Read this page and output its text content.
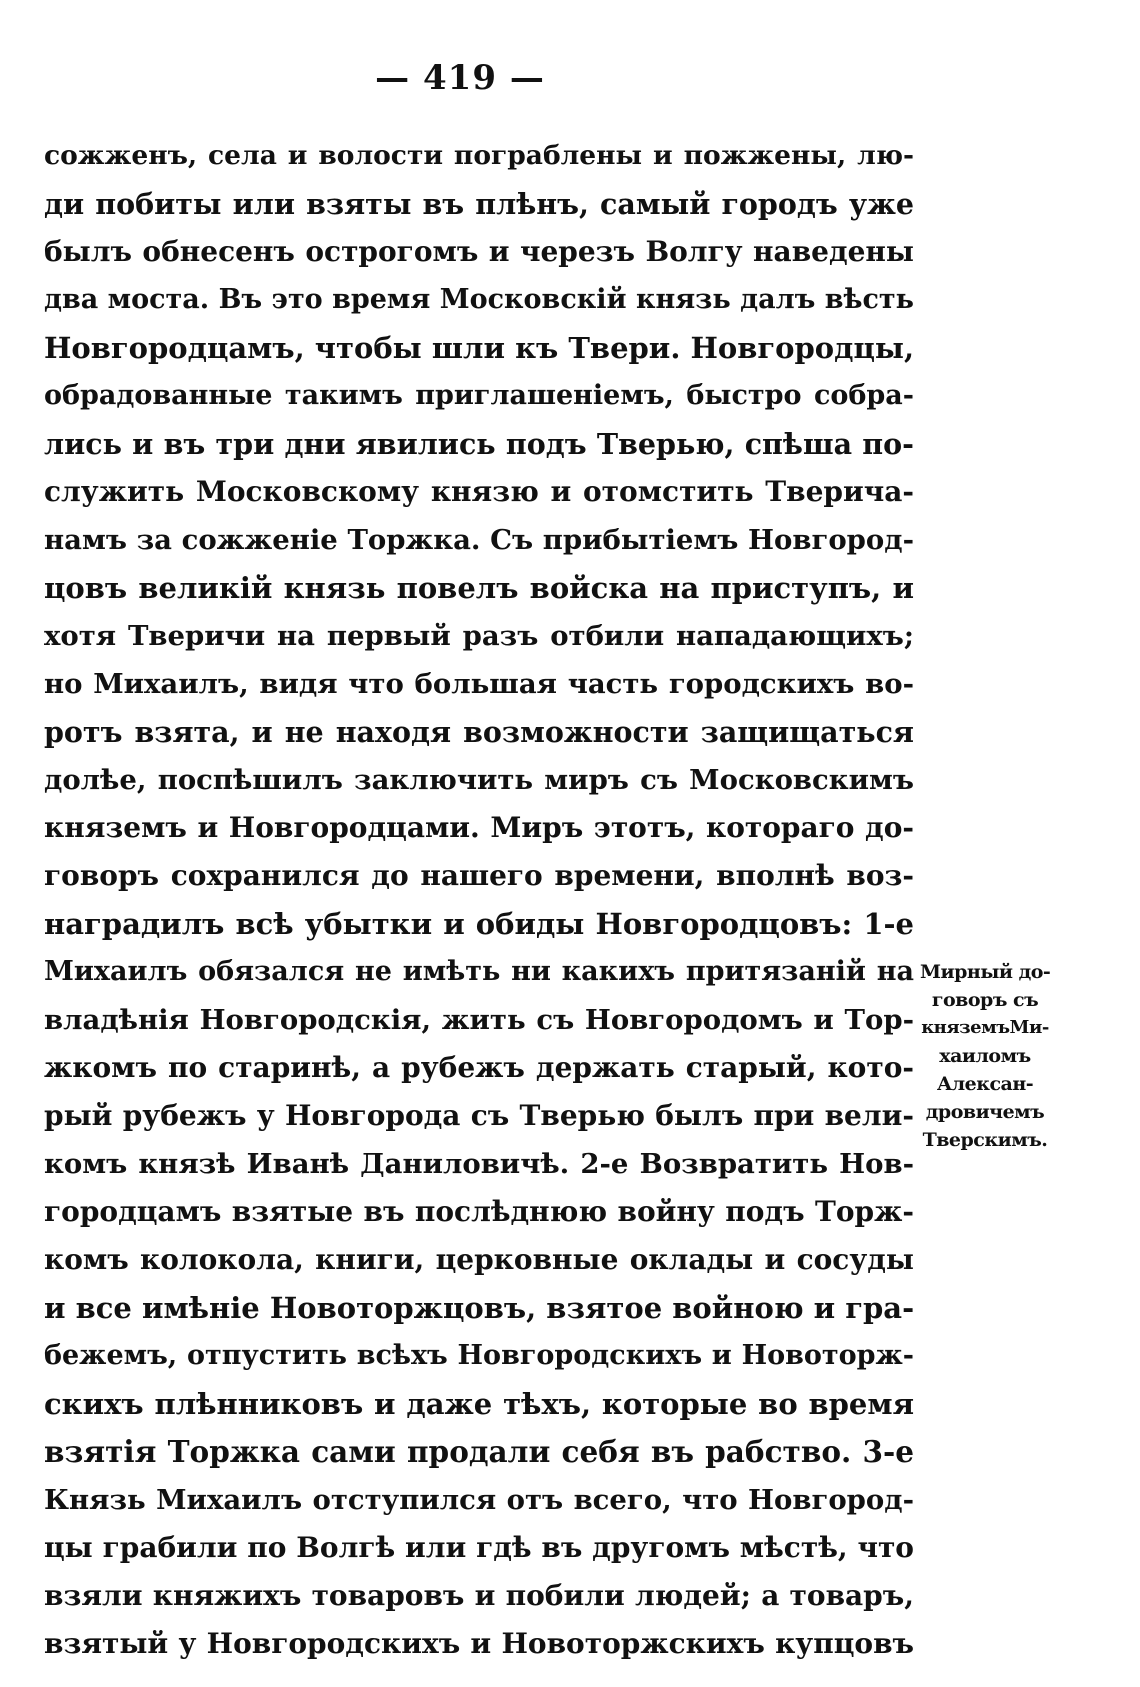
— 419 —
сожженъ, села и волости пограблены и пожжены, лю-
ди побиты или взяты въ плѣнъ, самый городъ уже
былъ обнесенъ острогомъ и черезъ Волгу наведены
два моста. Въ это время Московскій князь далъ вѣсть
Новгородцамъ, чтобы шли къ Твери. Новгородцы,
обрадованные такимъ приглашеніемъ, быстро собра-
лись и въ три дни явились подъ Тверью, спѣша по-
служить Московскому князю и отомстить Тверича-
намъ за сожженіе Торжка. Съ прибытіемъ Новгород-
цовъ великій князь повелъ войска на приступъ, и
хотя Тверичи на первый разъ отбили нападающихъ;
но Михаилъ, видя что большая часть городскихъ во-
ротъ взята, и не находя возможности защищаться
долѣе, поспѣшилъ заключить миръ съ Московскимъ
княземъ и Новгородцами. Миръ этотъ, котораго до-
говоръ сохранился до нашего времени, вполнѣ воз-
наградилъ всѣ убытки и обиды Новгородцовъ: 1-е
Михаилъ обязался не имѣть ни какихъ притязаній на
владѣнія Новгородскія, жить съ Новгородомъ и Тор-
жкомъ по старинѣ, а рубежъ держать старый, кото-
рый рубежъ у Новгорода съ Тверью былъ при вели-
комъ князѣ Иванѣ Даниловичѣ. 2-е Возвратить Нов-
городцамъ взятые въ послѣднюю войну подъ Торж-
комъ колокола, книги, церковные оклады и сосуды
и все имѣніе Новоторжцовъ, взятое войною и гра-
бежемъ, отпустить всѣхъ Новгородскихъ и Новоторж-
скихъ плѣнниковъ и даже тѣхъ, которые во время
взятія Торжка сами продали себя въ рабство. 3-е
Князь Михаилъ отступился отъ всего, что Новгород-
цы грабили по Волгѣ или гдѣ въ другомъ мѣстѣ, что
взяли княжихъ товаровъ и побили людей; а товаръ,
взятый у Новгородскихъ и Новоторжскихъ купцовъ
Мирный до-
говоръ съ
княземъМи-
хаиломъ
Алексан-
дровичемъ
Тверскимъ.
